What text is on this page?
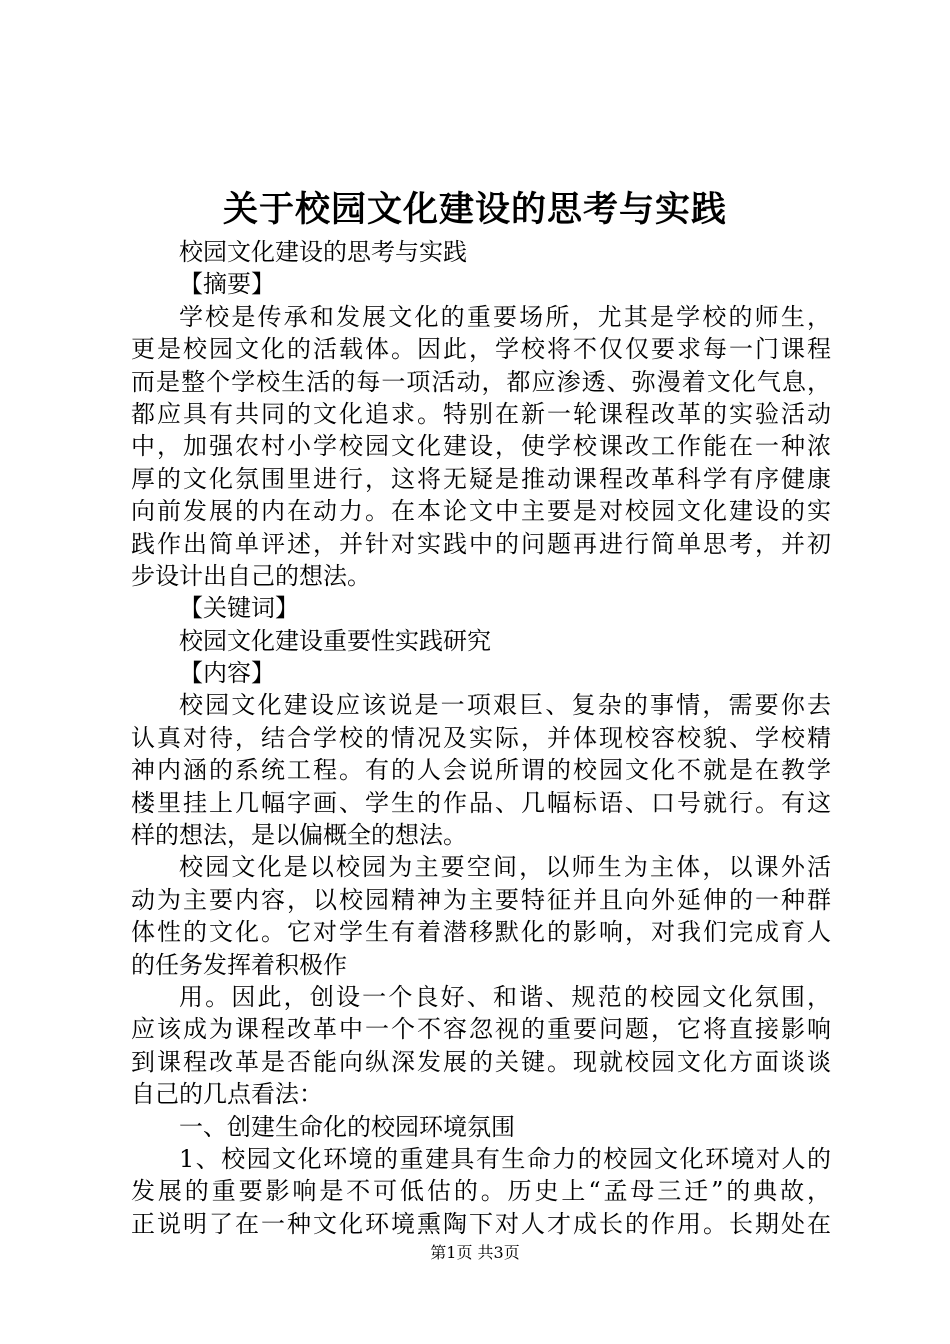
关于校园文化建设的思考与实践
校园文化建设的思考与实践
【摘要】
学校是传承和发展文化的重要场所，尤其是学校的师生，
更是校园文化的活载体。因此，学校将不仅仅要求每一门课程
而是整个学校生活的每一项活动，都应渗透、弥漫着文化气息，
都应具有共同的文化追求。特别在新一轮课程改革的实验活动
中，加强农村小学校园文化建设，使学校课改工作能在一种浓
厚的文化氛围里进行，这将无疑是推动课程改革科学有序健康
向前发展的内在动力。在本论文中主要是对校园文化建设的实
践作出简单评述，并针对实践中的问题再进行简单思考，并初
步设计出自己的想法。
【关键词】
校园文化建设重要性实践研究
【内容】
校园文化建设应该说是一项艰巨、复杂的事情，需要你去
认真对待，结合学校的情况及实际，并体现校容校貌、学校精
神内涵的系统工程。有的人会说所谓的校园文化不就是在教学
楼里挂上几幅字画、学生的作品、几幅标语、口号就行。有这
样的想法，是以偏概全的想法。
校园文化是以校园为主要空间，以师生为主体，以课外活
动为主要内容，以校园精神为主要特征并且向外延伸的一种群
体性的文化。它对学生有着潜移默化的影响，对我们完成育人
的任务发挥着积极作
用。因此，创设一个良好、和谐、规范的校园文化氛围，
应该成为课程改革中一个不容忽视的重要问题，它将直接影响
到课程改革是否能向纵深发展的关键。现就校园文化方面谈谈
自己的几点看法：
一、创建生命化的校园环境氛围
1、校园文化环境的重建具有生命力的校园文化环境对人的
发展的重要影响是不可低估的。历史上“孟母三迁”的典故，
正说明了在一种文化环境熏陶下对人才成长的作用。长期处在
第1页 共3页
